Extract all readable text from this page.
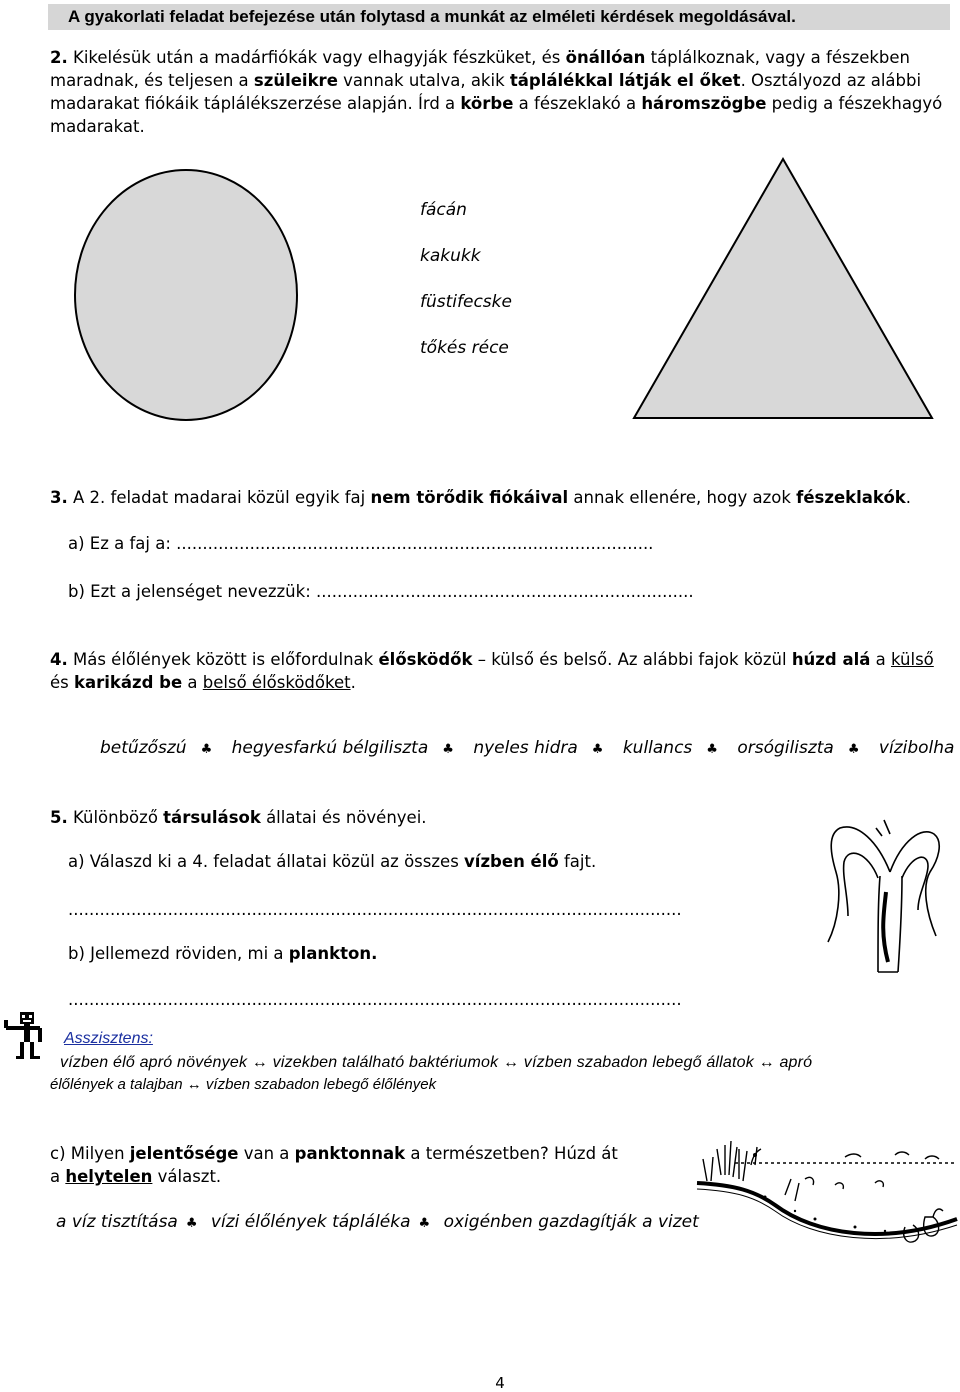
A gyakorlati feladat befejezése után folytasd a munkát az elméleti kérdések megoldásával.
2. Kikelésük után a madárfiókák vagy elhagyják fészküket, és önállóan táplálkoznak, vagy a fészekben
maradnak, és teljesen a szüleikre vannak utalva, akik táplálékkal látják el őket. Osztályozd az alábbi
madarakat fiókáik táplálékszerzése alapján. Írd a körbe a fészeklakó a háromszögbe pedig a fészekhagyó
madarakat.
fácán
kakukk
füstifecske
tőkés réce
3. A 2. feladat madarai közül egyik faj nem törődik fiókáival annak ellenére, hogy azok fészeklakók.
a) Ez a faj a: ...........................................................................................
b) Ezt a jelenséget nevezzük: ........................................................................
4. Más élőlények között is előfordulnak élősködők – külső és belső. Az alábbi fajok közül húzd alá a külső
és karikázd be a belső élősködőket.
betűzőszú ♣ hegyesfarkú bélgiliszta ♣ nyeles hidra ♣ kullancs ♣ orsógiliszta ♣ vízibolha
5. Különböző társulások állatai és növényei.
a) Válaszd ki a 4. feladat állatai közül az összes vízben élő fajt.
.....................................................................................................................
b) Jellemezd röviden, mi a plankton.
.....................................................................................................................
Asszisztens:
vízben élő apró növények ↔ vizekben található baktériumok ↔ vízben szabadon lebegő állatok ↔ apró
élőlények a talajban ↔ vízben szabadon lebegő élőlények
c) Milyen jelentősége van a panktonnak a természetben? Húzd át
a helytelen választ.
a víz tisztítása ♣ vízi élőlények tápláléka ♣ oxigénben gazdagítják a vizet
4
